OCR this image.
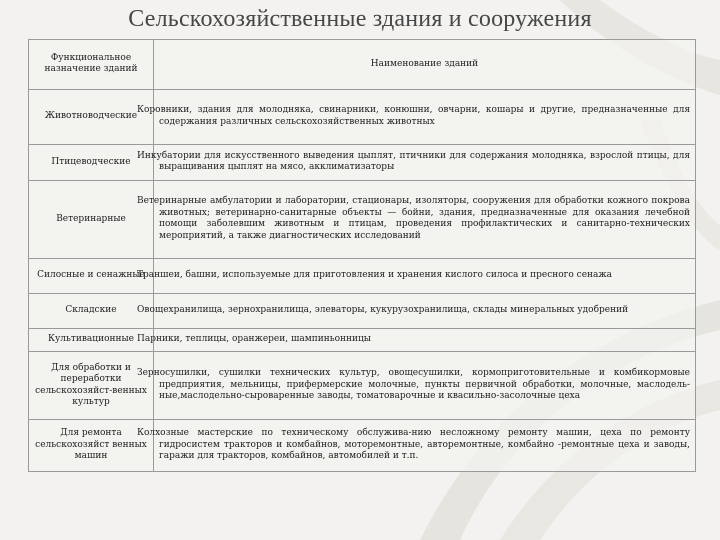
Сельскохозяйственные здания и сооружения
Функциональное назначение зданий	Наименование зданий
Животноводческие	Коровники, здания для молодняка, свинарники, конюшни, овчарни, кошары и другие, предназначенные для содержания различных сельскохозяйственных животных
Птицеводческие	Инкубатории для искусственного выведения цыплят, птичники для содержания молодняка, взрослой птицы, для выращивания цыплят на мясо, акклиматизаторы
Ветеринарные	Ветеринарные амбулатории и лаборатории, стационары, изоляторы, сооружения для обработки кожного покрова животных; ветеринарно-санитарные объекты — бойни, здания, предназначенные для оказания лечебной помощи заболевшим животным и птицам, проведения профилактических и санитарно-технических мероприятий, а также диагностических исследований
Силосные и сенажные	Траншеи, башни, используемые для приготовления и хранения кислого силоса и пресного сенажа
Складские	Овощехранилища, зернохранилища, элеваторы, кукурузохранилища, склады минеральных удобрений
Культивационные	Парники, теплицы, оранжереи, шампиньонницы
Для обработки и переработки сельскохозяйст-венных культур	Зерносушилки, сушилки технических культур, овощесушилки, кормоприготовительные и комбикормовые предприятия, мельницы, прифермерские молочные, пункты первичной обработки, молочные, маслодель-ные,маслодельно-сыроваренные заводы, томатоварочные и квасильно-засолочные цеха
Для ремонта сельскохозяйст венных машин	Колхозные мастерские по техническому обслужива-нию несложному ремонту машин, цеха по ремонту гидросистем тракторов и комбайнов, моторемонтные, авторемонтные, комбайно -ремонтные цеха и заводы, гаражи для тракторов, комбайнов, автомобилей и т.п.
